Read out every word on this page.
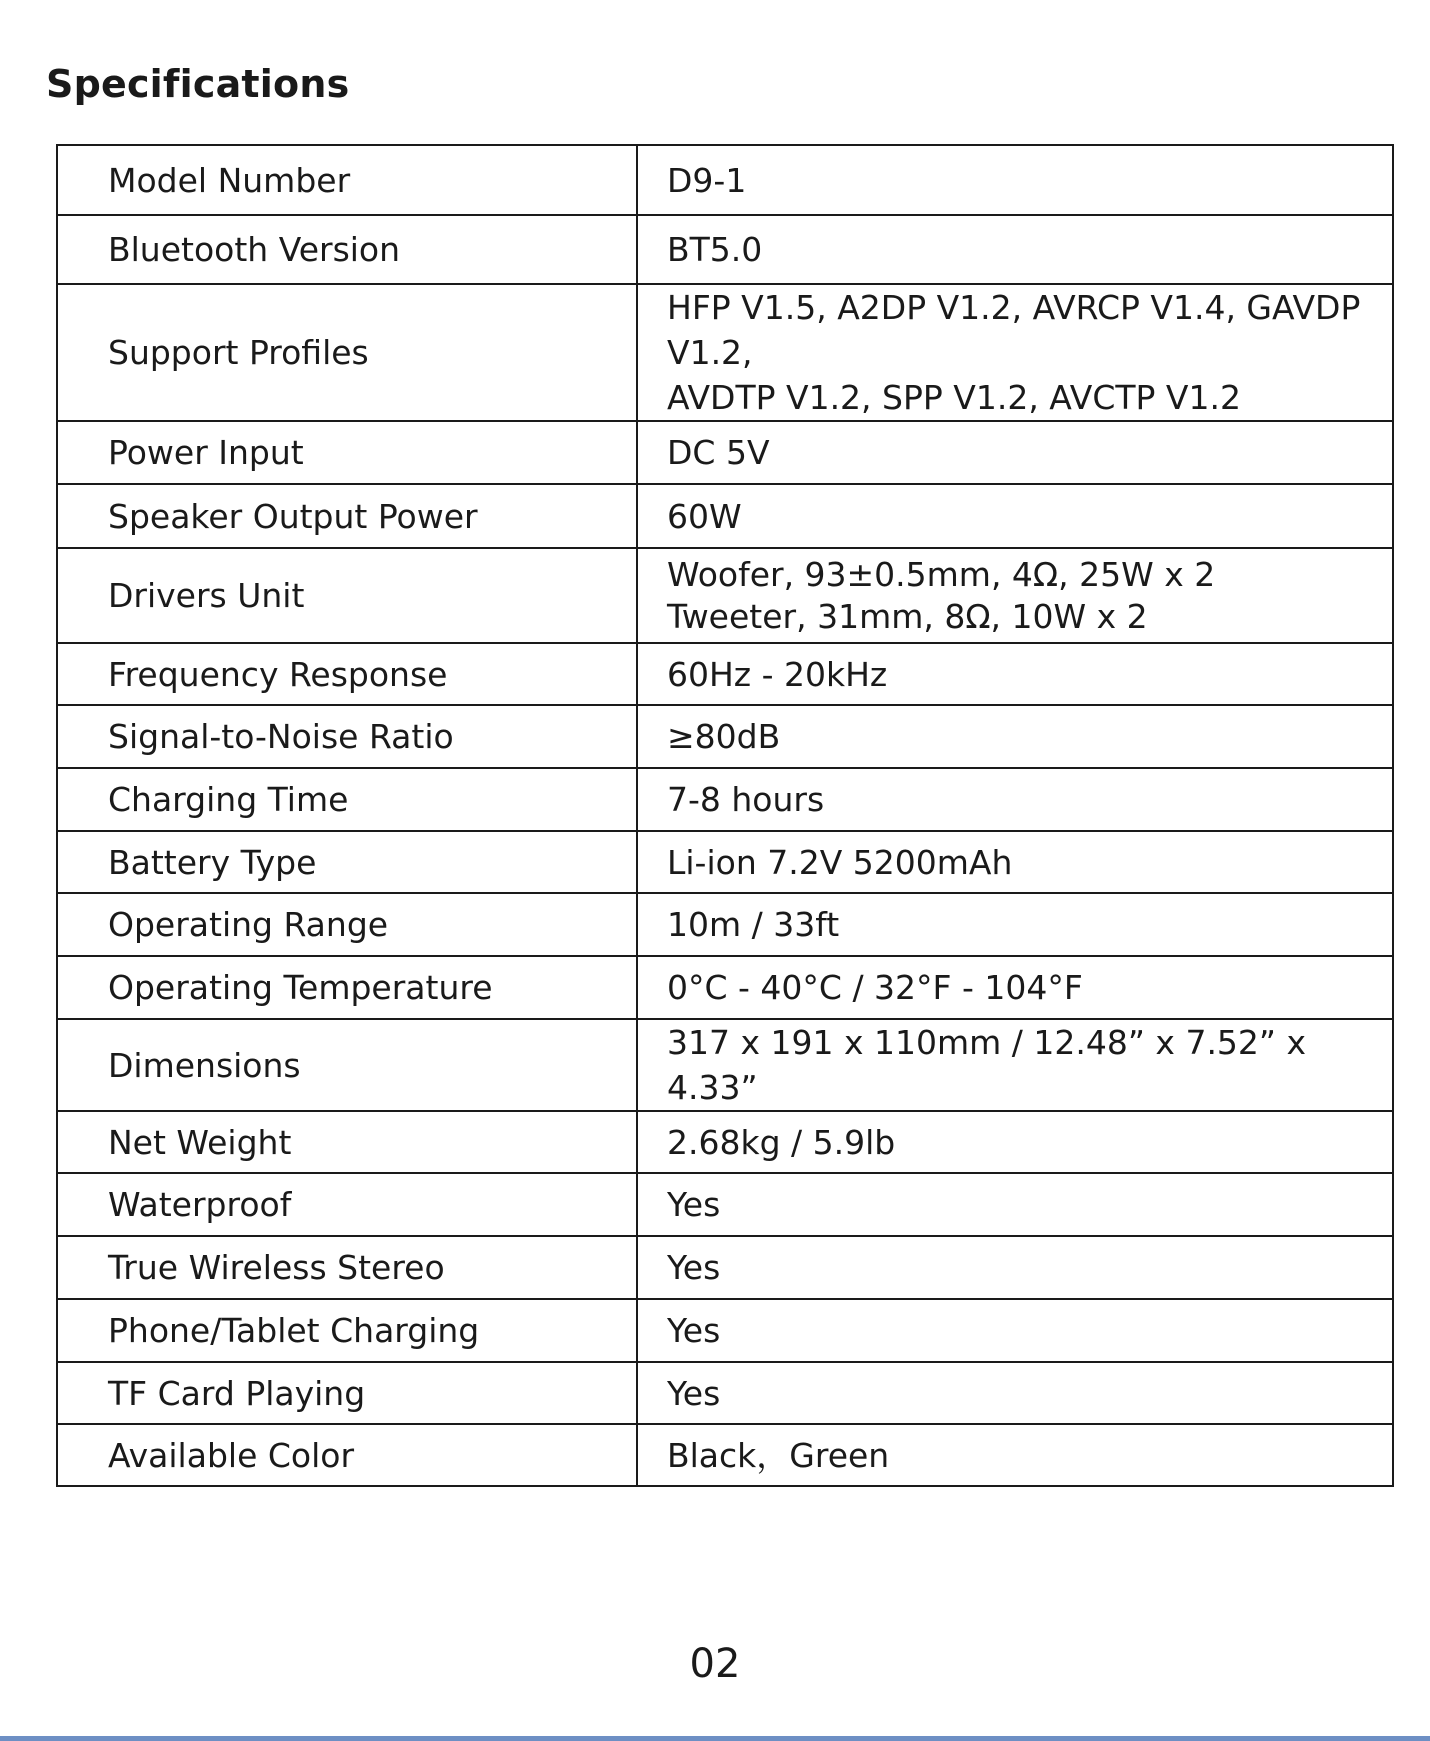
Specifications
Model Number	D9-1
Bluetooth Version	BT5.0
Support Profiles	HFP V1.5, A2DP V1.2, AVRCP V1.4, GAVDP V1.2,
AVDTP V1.2, SPP V1.2, AVCTP V1.2
Power Input	DC 5V
Speaker Output Power	60W
Drivers Unit	Woofer, 93±0.5mm, 4Ω, 25W x 2
Tweeter, 31mm, 8Ω, 10W x 2
Frequency Response	60Hz - 20kHz
Signal-to-Noise Ratio	≥80dB
Charging Time	7-8 hours
Battery Type	Li-ion 7.2V 5200mAh
Operating Range	10m / 33ft
Operating Temperature	0°C - 40°C / 32°F - 104°F
Dimensions	317 x 191 x 110mm / 12.48” x 7.52” x 4.33”
Net Weight	2.68kg / 5.9lb
Waterproof	Yes
True Wireless Stereo	Yes
Phone/Tablet Charging	Yes
TF Card Playing	Yes
Available Color	Black，Green
02
